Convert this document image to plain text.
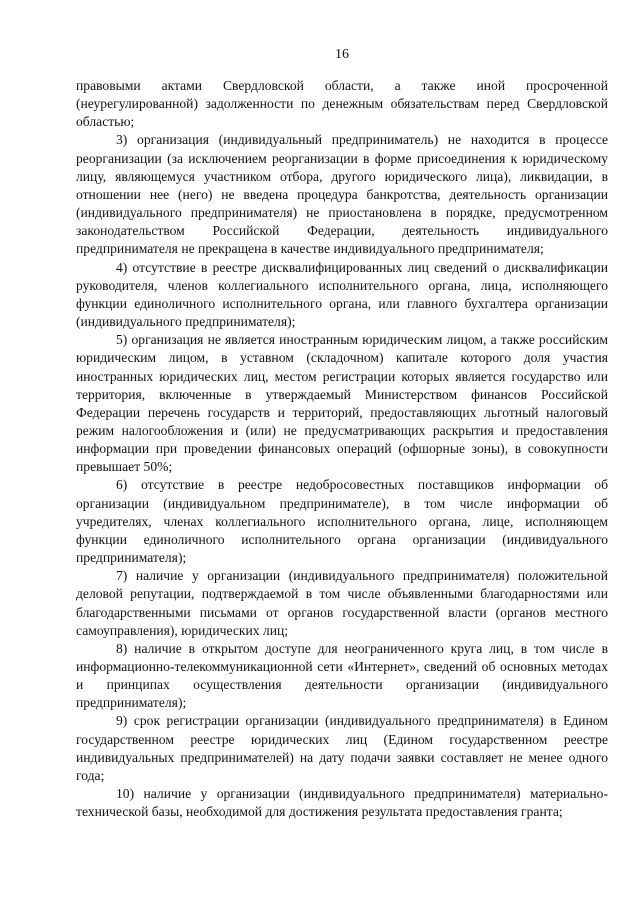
16

правовыми актами Свердловской области, а также иной просроченной (неурегулированной) задолженности по денежным обязательствам перед Свердловской областью;

3) организация (индивидуальный предприниматель) не находится в процессе реорганизации (за исключением реорганизации в форме присоединения к юридическому лицу, являющемуся участником отбора, другого юридического лица), ликвидации, в отношении нее (него) не введена процедура банкротства, деятельность организации (индивидуального предпринимателя) не приостановлена в порядке, предусмотренном законодательством Российской Федерации, деятельность индивидуального предпринимателя не прекращена в качестве индивидуального предпринимателя;

4) отсутствие в реестре дисквалифицированных лиц сведений о дисквалификации руководителя, членов коллегиального исполнительного органа, лица, исполняющего функции единоличного исполнительного органа, или главного бухгалтера организации (индивидуального предпринимателя);

5) организация не является иностранным юридическим лицом, а также российским юридическим лицом, в уставном (складочном) капитале которого доля участия иностранных юридических лиц, местом регистрации которых является государство или территория, включенные в утверждаемый Министерством финансов Российской Федерации перечень государств и территорий, предоставляющих льготный налоговый режим налогообложения и (или) не предусматривающих раскрытия и предоставления информации при проведении финансовых операций (офшорные зоны), в совокупности превышает 50%;

6) отсутствие в реестре недобросовестных поставщиков информации об организации (индивидуальном предпринимателе), в том числе информации об учредителях, членах коллегиального исполнительного органа, лице, исполняющем функции единоличного исполнительного органа организации (индивидуального предпринимателя);

7) наличие у организации (индивидуального предпринимателя) положительной деловой репутации, подтверждаемой в том числе объявленными благодарностями или благодарственными письмами от органов государственной власти (органов местного самоуправления), юридических лиц;

8) наличие в открытом доступе для неограниченного круга лиц, в том числе в информационно-телекоммуникационной сети «Интернет», сведений об основных методах и принципах осуществления деятельности организации (индивидуального предпринимателя);

9) срок регистрации организации (индивидуального предпринимателя) в Едином государственном реестре юридических лиц (Едином государственном реестре индивидуальных предпринимателей) на дату подачи заявки составляет не менее одного года;

10) наличие у организации (индивидуального предпринимателя) материально-технической базы, необходимой для достижения результата предоставления гранта;
